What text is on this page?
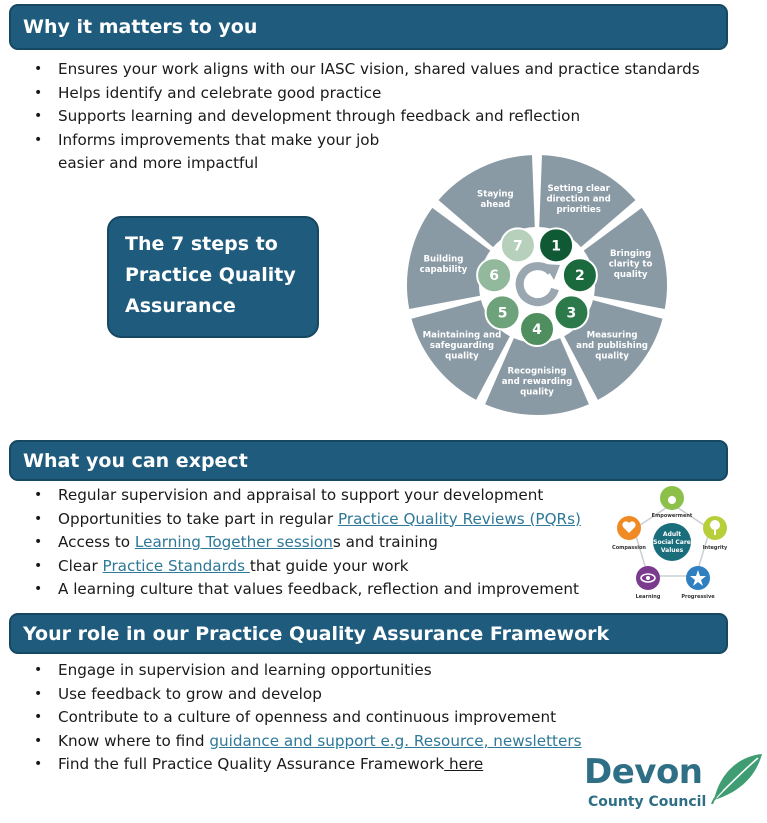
Why it matters to you
• Ensures your work aligns with our IASC vision, shared values and practice standards
• Helps identify and celebrate good practice
• Supports learning and development through feedback and reflection
• Informs improvements that make your job easier and more impactful
The 7 steps to
Practice Quality
Assurance
Setting clear
direction and
priorities
Bringing
clarity to
quality
Measuring
and publishing
quality
Recognising
and rewarding
quality
Maintaining and
safeguarding
quality
Building
capability
Staying
ahead
1
2
3
4
5
6
7
What you can expect
• Regular supervision and appraisal to support your development
• Opportunities to take part in regular Practice Quality Reviews (PQRs)
• Access to Learning Together sessions and training
• Clear Practice Standards that guide your work
• A learning culture that values feedback, reflection and improvement
Adult
Social Care
Values
Empowerment
Integrity
Progressive
Learning
Compassion
Your role in our Practice Quality Assurance Framework
• Engage in supervision and learning opportunities
• Use feedback to grow and develop
• Contribute to a culture of openness and continuous improvement
• Know where to find guidance and support e.g. Resource, newsletters
• Find the full Practice Quality Assurance Framework here	Devon
County Council
